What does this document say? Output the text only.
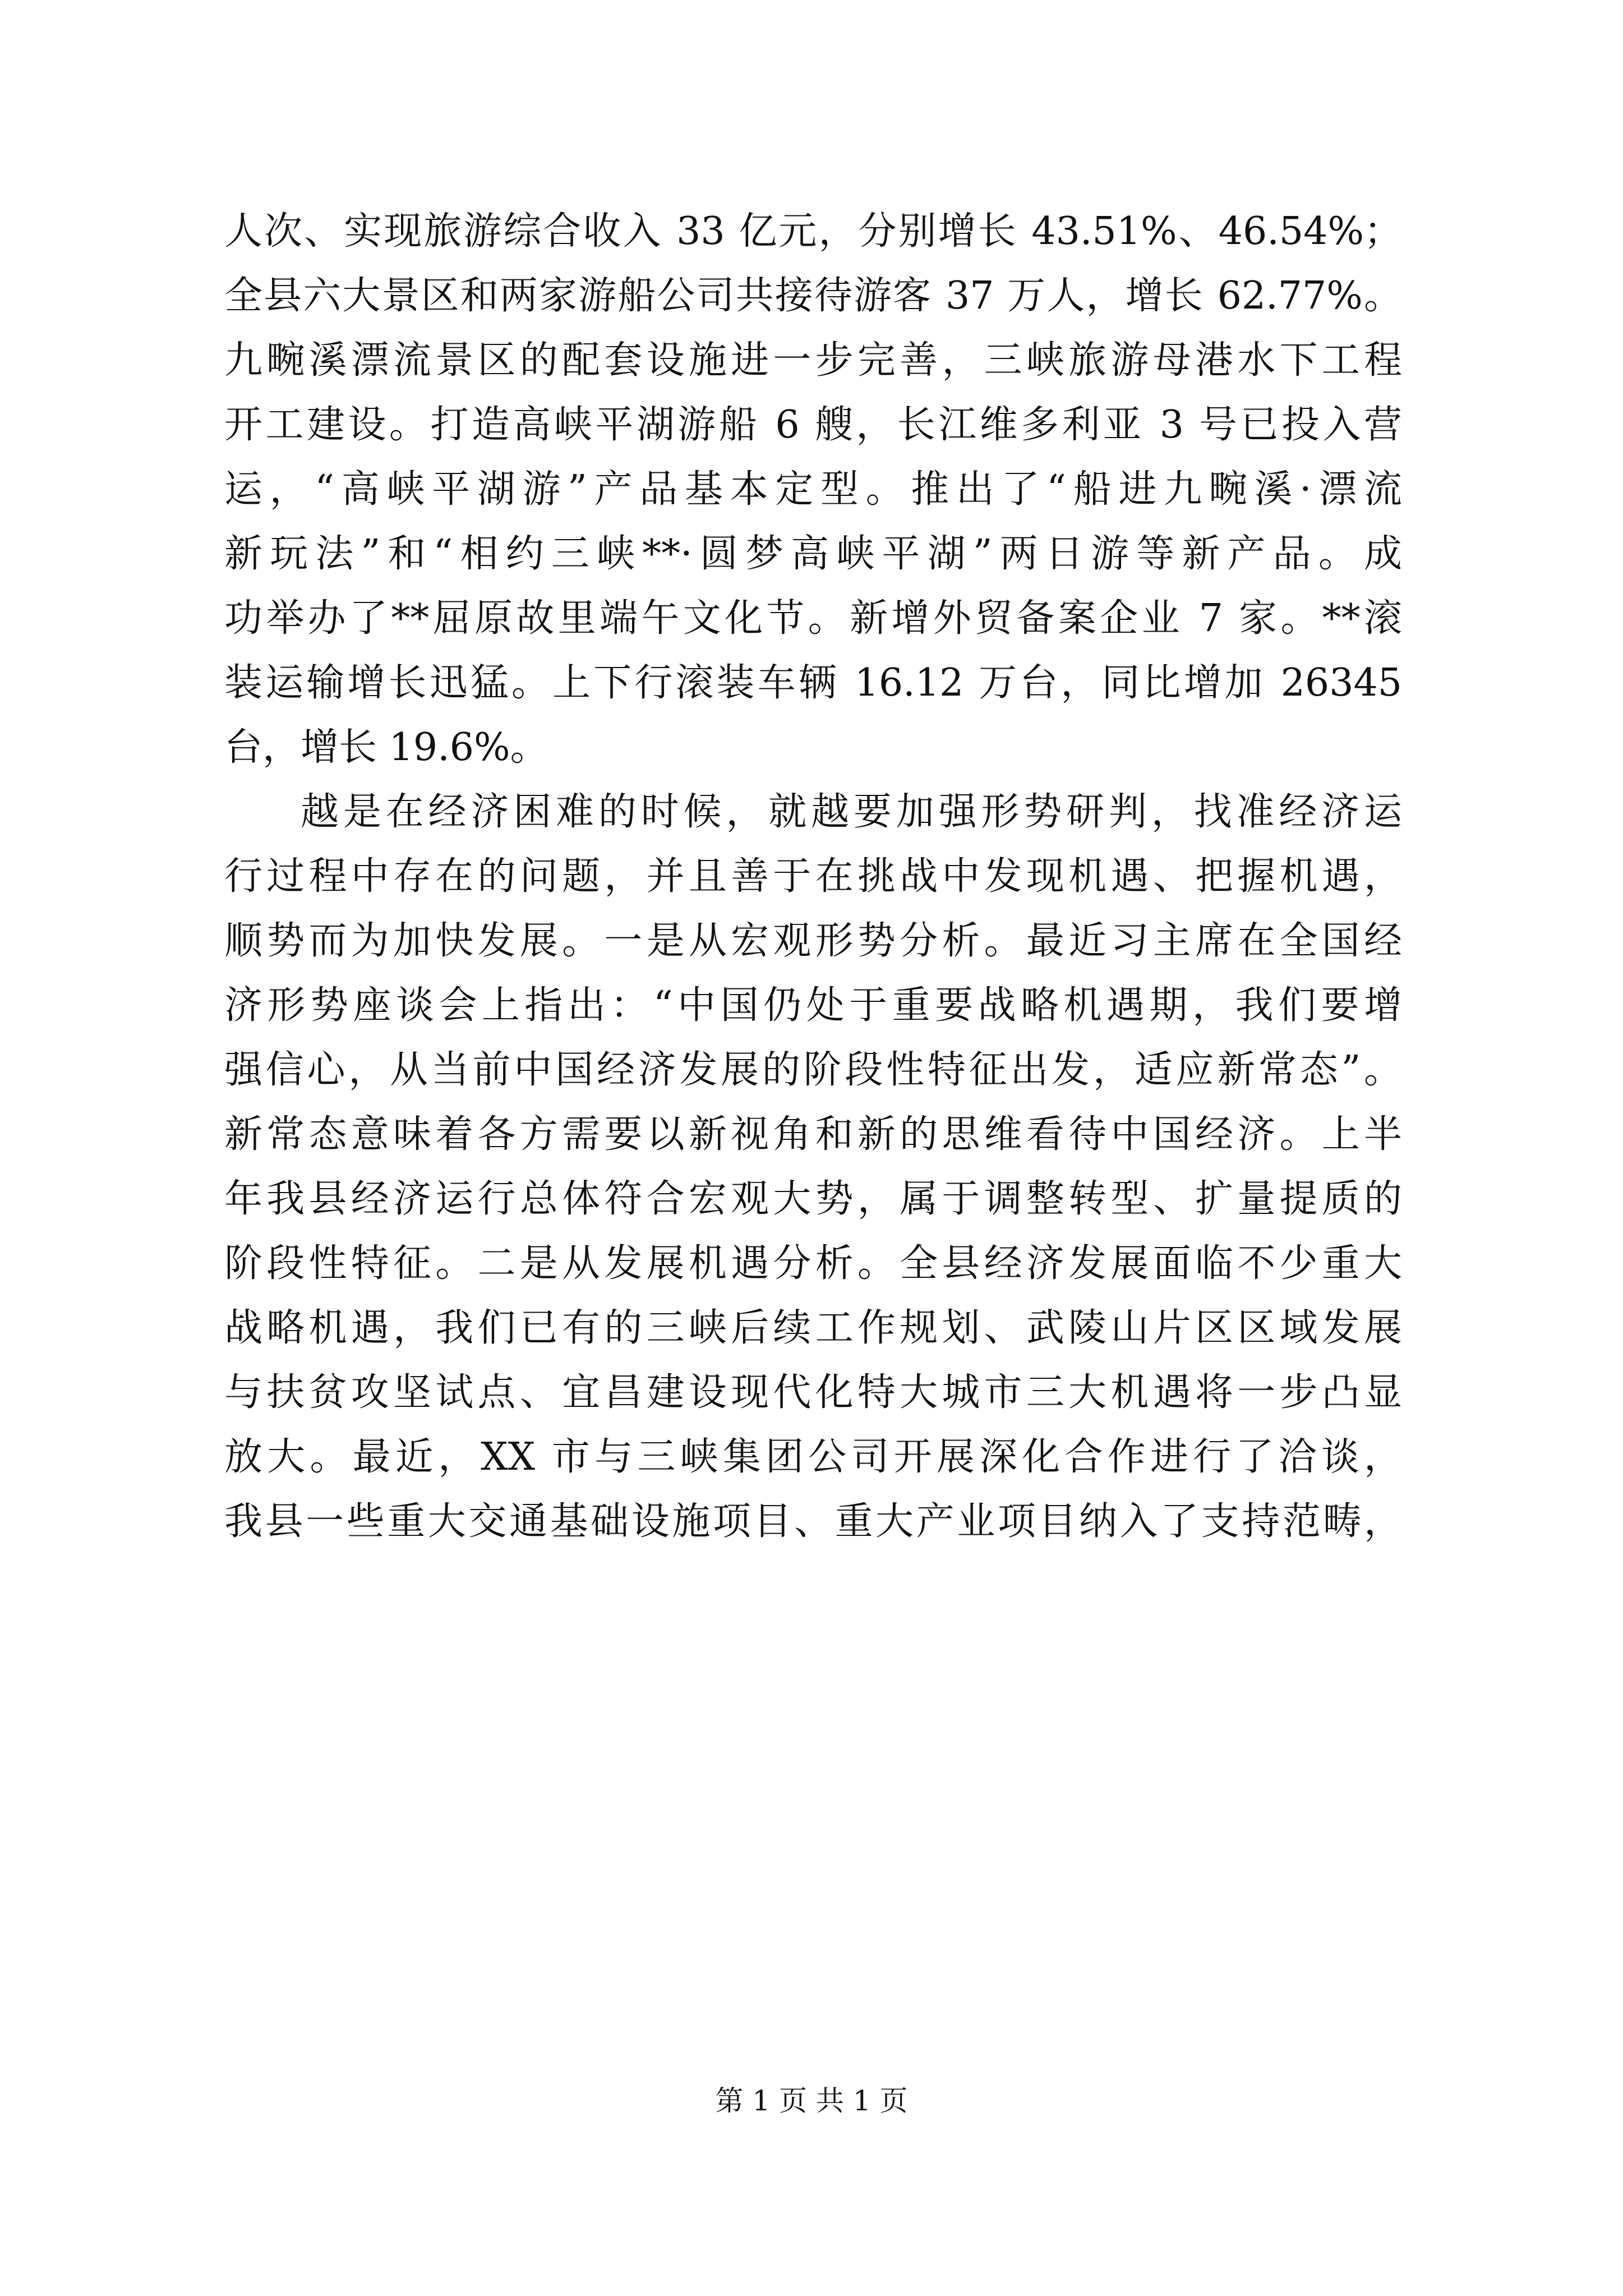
人次、实现旅游综合收入 33 亿元，分别增长 43.51%、46.54%；
全县六大景区和两家游船公司共接待游客 37 万人，增长 62.77%。
九畹溪漂流景区的配套设施进一步完善，三峡旅游母港水下工程
开工建设。打造高峡平湖游船 6 艘，长江维多利亚 3 号已投入营
运，“高峡平湖游”产品基本定型。推出了“船进九畹溪·漂流
新玩法”和“相约三峡**·圆梦高峡平湖”两日游等新产品。成
功举办了**屈原故里端午文化节。新增外贸备案企业 7 家。**滚
装运输增长迅猛。上下行滚装车辆 16.12 万台，同比增加 26345
台，增长 19.6%。
越是在经济困难的时候，就越要加强形势研判，找准经济运
行过程中存在的问题，并且善于在挑战中发现机遇、把握机遇，
顺势而为加快发展。一是从宏观形势分析。最近习主席在全国经
济形势座谈会上指出：“中国仍处于重要战略机遇期，我们要增
强信心，从当前中国经济发展的阶段性特征出发，适应新常态”。
新常态意味着各方需要以新视角和新的思维看待中国经济。上半
年我县经济运行总体符合宏观大势，属于调整转型、扩量提质的
阶段性特征。二是从发展机遇分析。全县经济发展面临不少重大
战略机遇，我们已有的三峡后续工作规划、武陵山片区区域发展
与扶贫攻坚试点、宜昌建设现代化特大城市三大机遇将一步凸显
放大。最近，XX 市与三峡集团公司开展深化合作进行了洽谈，
我县一些重大交通基础设施项目、重大产业项目纳入了支持范畴，
第 1 页 共 1 页
